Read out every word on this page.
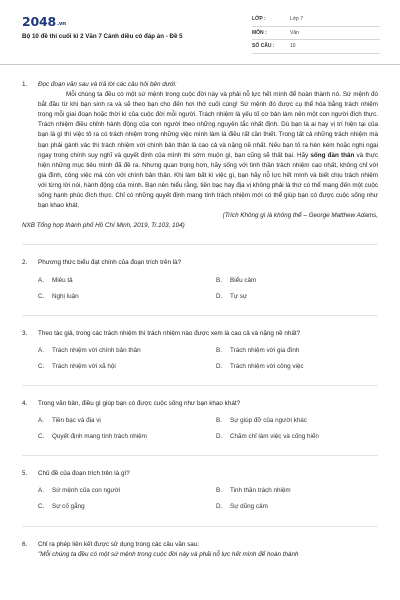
2048.vn
Bộ 10 đề thi cuối kì 2 Văn 7 Cánh diều có đáp án - Đề 5
LỚP :	Lớp 7
MÔN :	Văn
SỐ CÂU :	10
1. Đọc đoạn văn sau và trả lời các câu hỏi bên dưới:
Mỗi chúng ta đều có một sứ mệnh trong cuộc đời này và phải nỗ lực hết mình để hoàn thành nó. Sứ mệnh đó bắt đầu từ khi bạn sinh ra và sẽ theo bạn cho đến hơi thở cuối cùng! Sứ mệnh đó được cụ thể hóa bằng trách nhiệm trong mỗi giai đoạn hoặc thời kì của cuộc đời mỗi người. Trách nhiệm là yếu tố cơ bản làm nên một con người đích thực. Trách nhiệm điều chỉnh hành động của con người theo những nguyên tắc nhất định. Dù bạn là ai hay vị trí hiện tại của bạn là gì thì việc tô ra có trách nhiệm trong những việc mình làm là điều rất cần thiết. Trong tất cả những trách nhiệm mà bạn phải gánh vác thì trách nhiệm với chính bản thân là cao cả và nặng nề nhất. Nếu bạn tỏ ra hèn kém hoặc nghi ngại ngay trong chính suy nghĩ và quyết định của mình thì sớm muộn gì, bạn cũng sẽ thất bại. Hãy sống đàn thân và thực hiện những mục tiêu mình đã đề ra. Nhưng quan trọng hơn, hãy sống với tinh thần trách nhiệm cao nhất, không chỉ với gia đình, công việc mà còn với chính bản thân. Khi làm bất kì việc gì, bạn hãy nỗ lực hết mình và biết chịu trách nhiệm với từng lời nói, hành động của mình. Bạn nên hiểu rằng, tiền bạc hay địa vị không phải là thứ có thể mang đến một cuộc sống hạnh phúc đích thực. Chỉ có những quyết định mang tính trách nhiệm mới có thể giúp bạn có được cuộc sống như bạn khao khát.
(Trích Không gì là không thể – George Matthew Adams,
NXB Tổng hợp thành phố Hồ Chí Minh, 2019, Tr.103, 104)
2. Phương thức biểu đạt chính của đoạn trích trên là?
A.	Miêu tả	B.	Biểu cảm
C.	Nghị luận	D.	Tự sự
3. Theo tác giả, trong các trách nhiệm thì trách nhiệm nào được xem là cao cả và nặng nề nhất?
A.	Trách nhiệm với chính bản thân	B.	Trách nhiệm với gia đình
C.	Trách nhiệm với xã hội	D.	Trách nhiệm với công việc
4. Trong văn bản, điều gì giúp bạn có được cuộc sống như bạn khao khát?
A.	Tiền bạc và địa vị	B.	Sự giúp đỡ của người khác
C.	Quyết định mang tính trách nhiệm	D.	Chăm chỉ làm việc và cống hiến
5. Chủ đề của đoạn trích trên là gì?
A.	Sứ mệnh của con người	B.	Tinh thần trách nhiệm
C.	Sự cố gắng	D.	Sự dũng cảm
6. Chỉ ra phép liên kết được sử dụng trong các câu văn sau:
"Mỗi chúng ta đều có một sứ mệnh trong cuộc đời này và phải nỗ lực hết mình để hoàn thành
